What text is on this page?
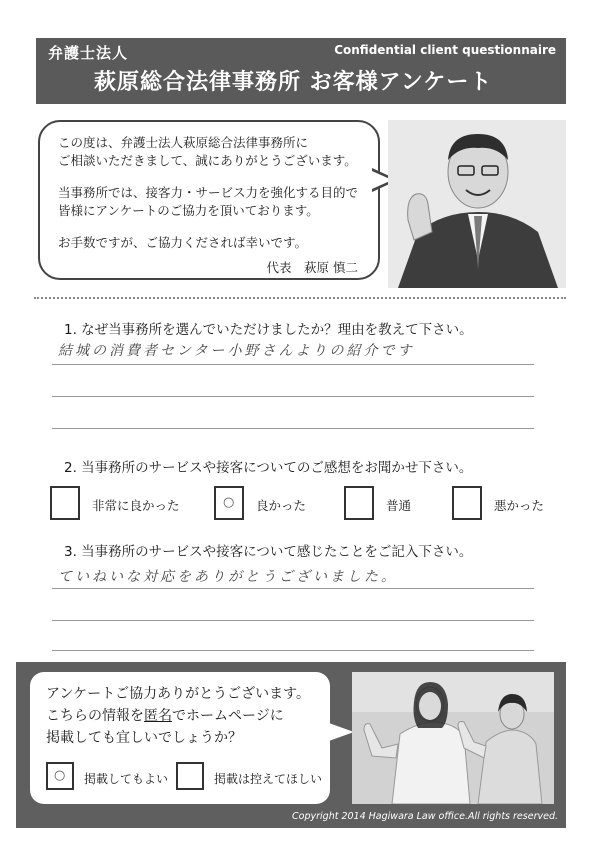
弁護士法人	Confidential client questionnaire
萩原総合法律事務所 お客様アンケート

この度は、弁護士法人萩原総合法律事務所に

ご相談いただきまして、誠にありがとうございます。

当事務所では、接客力・サービス力を強化する目的で

皆様にアンケートのご協力を頂いております。

お手数ですが、ご協力くだされば幸いです。

代表　萩原 慎二
1. なぜ当事務所を選んでいただけましたか？理由を教えて下さい。
結城の消費者センター小野さんよりの紹介です
2. 当事務所のサービスや接客についてのご感想をお聞かせ下さい。
非常に良かった	○ 良かった	普通	悪かった
3. 当事務所のサービスや接客について感じたことをご記入下さい。
ていねいな対応をありがとうございました。

アンケートご協力ありがとうございます。

こちらの情報を匿名でホームページに

掲載しても宜しいでしょうか？

○ 掲載してもよい	掲載は控えてほしい
Copyright 2014 Hagiwara Law office.All rights reserved.
